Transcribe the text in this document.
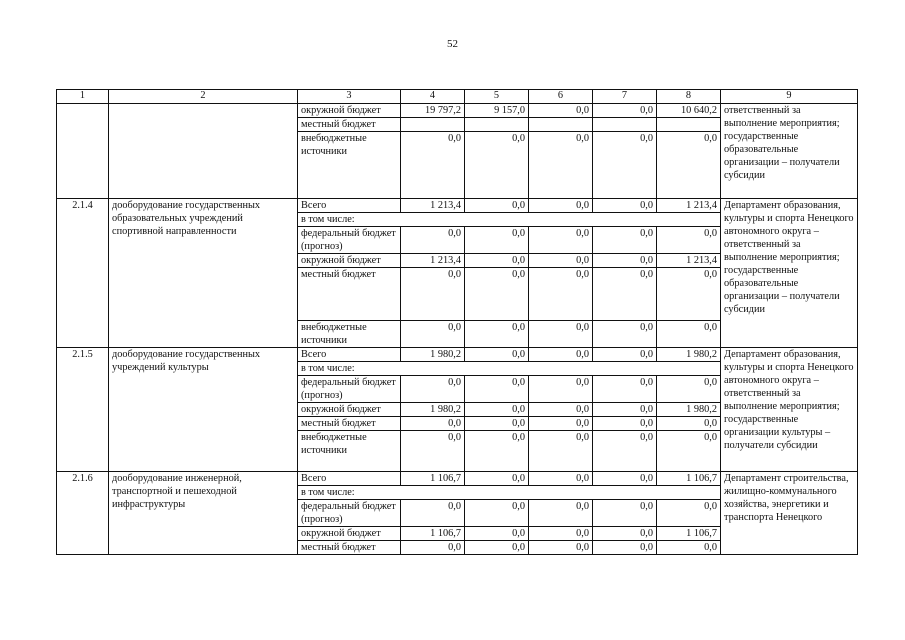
52
1	2	3	4	5	6	7	8	9
		окружной бюджет	19 797,2	9 157,0	0,0	0,0	10 640,2	ответственный за выполнение мероприятия; государственные образовательные организации – получатели субсидии
		местный бюджет						
		внебюджетные источники	0,0	0,0	0,0	0,0	0,0	
2.1.4	дооборудование государственных образовательных учреждений спортивной направленности	Всего	1 213,4	0,0	0,0	0,0	1 213,4	Департамент образования, культуры и спорта Ненецкого автономного округа – ответственный за выполнение мероприятия; государственные образовательные организации – получатели субсидии
		в том числе:						
		федеральный бюджет (прогноз)	0,0	0,0	0,0	0,0	0,0	
		окружной бюджет	1 213,4	0,0	0,0	0,0	1 213,4	
		местный бюджет	0,0	0,0	0,0	0,0	0,0	
		внебюджетные источники	0,0	0,0	0,0	0,0	0,0	
2.1.5	дооборудование государственных учреждений культуры	Всего	1 980,2	0,0	0,0	0,0	1 980,2	Департамент образования, культуры и спорта Ненецкого автономного округа – ответственный за выполнение мероприятия; государственные организации культуры – получатели субсидии
		в том числе:						
		федеральный бюджет (прогноз)	0,0	0,0	0,0	0,0	0,0	
		окружной бюджет	1 980,2	0,0	0,0	0,0	1 980,2	
		местный бюджет	0,0	0,0	0,0	0,0	0,0	
		внебюджетные источники	0,0	0,0	0,0	0,0	0,0	
2.1.6	дооборудование инженерной, транспортной и пешеходной инфраструктуры	Всего	1 106,7	0,0	0,0	0,0	1 106,7	Департамент строительства, жилищно-коммунального хозяйства, энергетики и транспорта Ненецкого
		в том числе:						
		федеральный бюджет (прогноз)	0,0	0,0	0,0	0,0	0,0	
		окружной бюджет	1 106,7	0,0	0,0	0,0	1 106,7	
		местный бюджет	0,0	0,0	0,0	0,0	0,0	
